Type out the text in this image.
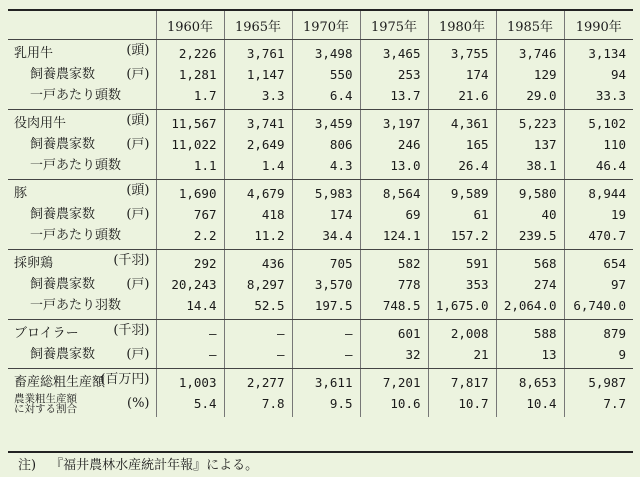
	1960年	1965年	1970年	1975年	1980年	1985年	1990年
乳用牛 (頭)	2,226	3,761	3,498	3,465	3,755	3,746	3,134
飼養農家数 (戸)	1,281	1,147	550	253	174	129	94
一戸あたり頭数	1.7	3.3	6.4	13.7	21.6	29.0	33.3
役肉用牛 (頭)	11,567	3,741	3,459	3,197	4,361	5,223	5,102
飼養農家数 (戸)	11,022	2,649	806	246	165	137	110
一戸あたり頭数	1.1	1.4	4.3	13.0	26.4	38.1	46.4
豚 (頭)	1,690	4,679	5,983	8,564	9,589	9,580	8,944
飼養農家数 (戸)	767	418	174	69	61	40	19
一戸あたり頭数	2.2	11.2	34.4	124.1	157.2	239.5	470.7
採卵鶏 (千羽)	292	436	705	582	591	568	654
飼養農家数 (戸)	20,243	8,297	3,570	778	353	274	97
一戸あたり羽数	14.4	52.5	197.5	748.5	1,675.0	2,064.0	6,740.0
ブロイラー (千羽)	—	—	—	601	2,008	588	879
飼養農家数 (戸)	—	—	—	32	21	13	9
畜産総粗生産額
(百万円)	1,003	2,277	3,611	7,201	7,817	8,653	5,987
農業粗生産額
に対する割合 (%)	5.4	7.8	9.5	10.6	10.7	10.4	7.7
注) 『福井農林水産統計年報』による。
